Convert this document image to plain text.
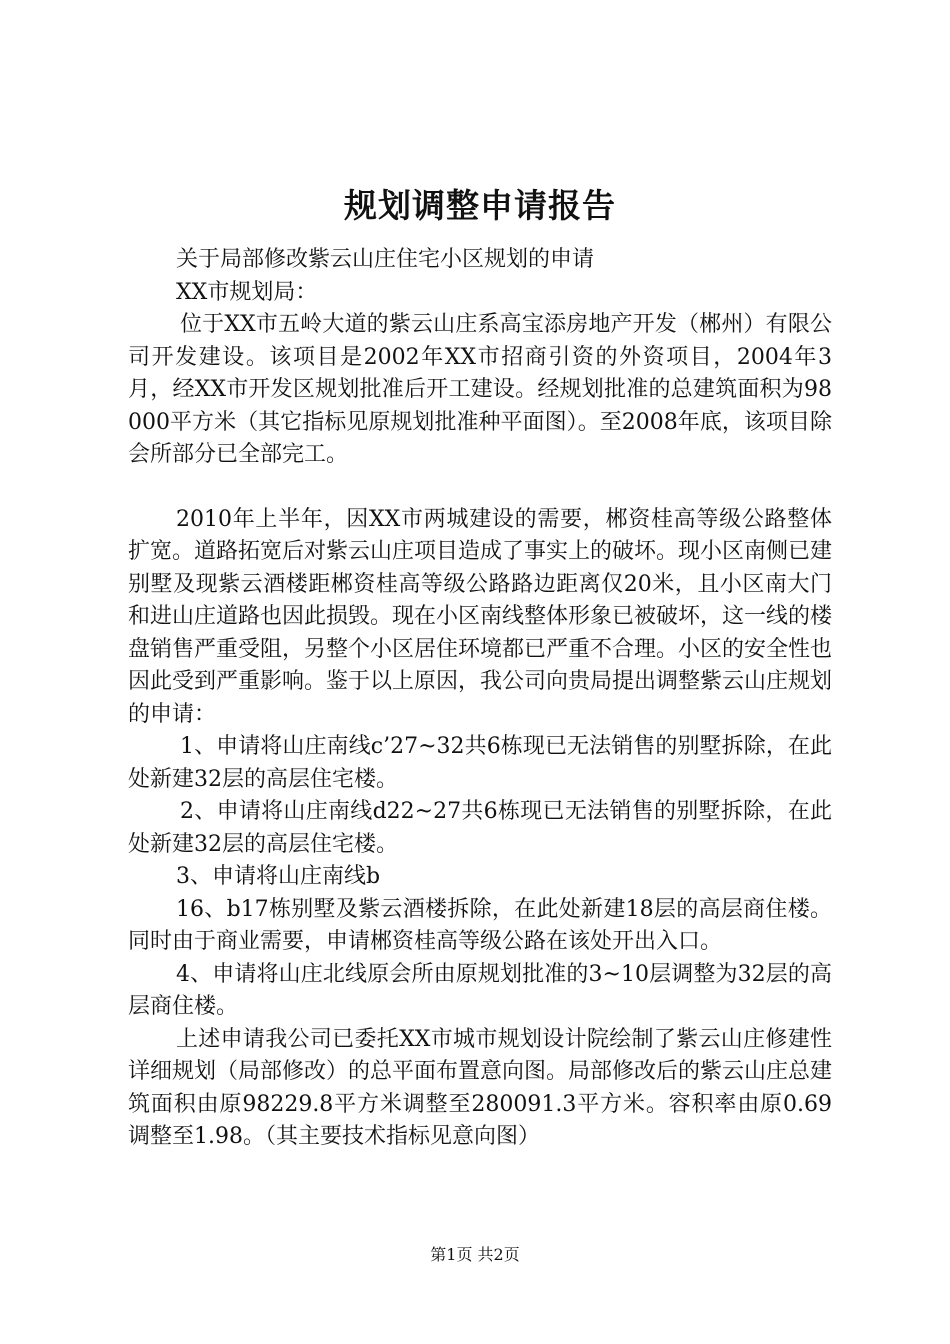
规划调整申请报告

关于局部修改紫云山庄住宅小区规划的申请

XX市规划局：

位于XX市五岭大道的紫云山庄系高宝添房地产开发（郴州）有限公司开发建设。该项目是2002年XX市招商引资的外资项目，2004年3月，经XX市开发区规划批准后开工建设。经规划批准的总建筑面积为98000平方米（其它指标见原规划批准种平面图）。至2008年底，该项目除会所部分已全部完工。

2010年上半年，因XX市两城建设的需要，郴资桂高等级公路整体扩宽。道路拓宽后对紫云山庄项目造成了事实上的破坏。现小区南侧已建别墅及现紫云酒楼距郴资桂高等级公路路边距离仅20米，且小区南大门和进山庄道路也因此损毁。现在小区南线整体形象已被破坏，这一线的楼盘销售严重受阻，另整个小区居住环境都已严重不合理。小区的安全性也因此受到严重影响。鉴于以上原因，我公司向贵局提出调整紫云山庄规划的申请：

1、申请将山庄南线c’27~32共6栋现已无法销售的别墅拆除，在此处新建32层的高层住宅楼。

2、申请将山庄南线d22~27共6栋现已无法销售的别墅拆除，在此处新建32层的高层住宅楼。

3、申请将山庄南线b

16、b17栋别墅及紫云酒楼拆除，在此处新建18层的高层商住楼。同时由于商业需要，申请郴资桂高等级公路在该处开出入口。

4、申请将山庄北线原会所由原规划批准的3~10层调整为32层的高层商住楼。

上述申请我公司已委托XX市城市规划设计院绘制了紫云山庄修建性详细规划（局部修改）的总平面布置意向图。局部修改后的紫云山庄总建筑面积由原98229.8平方米调整至280091.3平方米。容积率由原0.69调整至1.98。（其主要技术指标见意向图）

第1页 共2页
